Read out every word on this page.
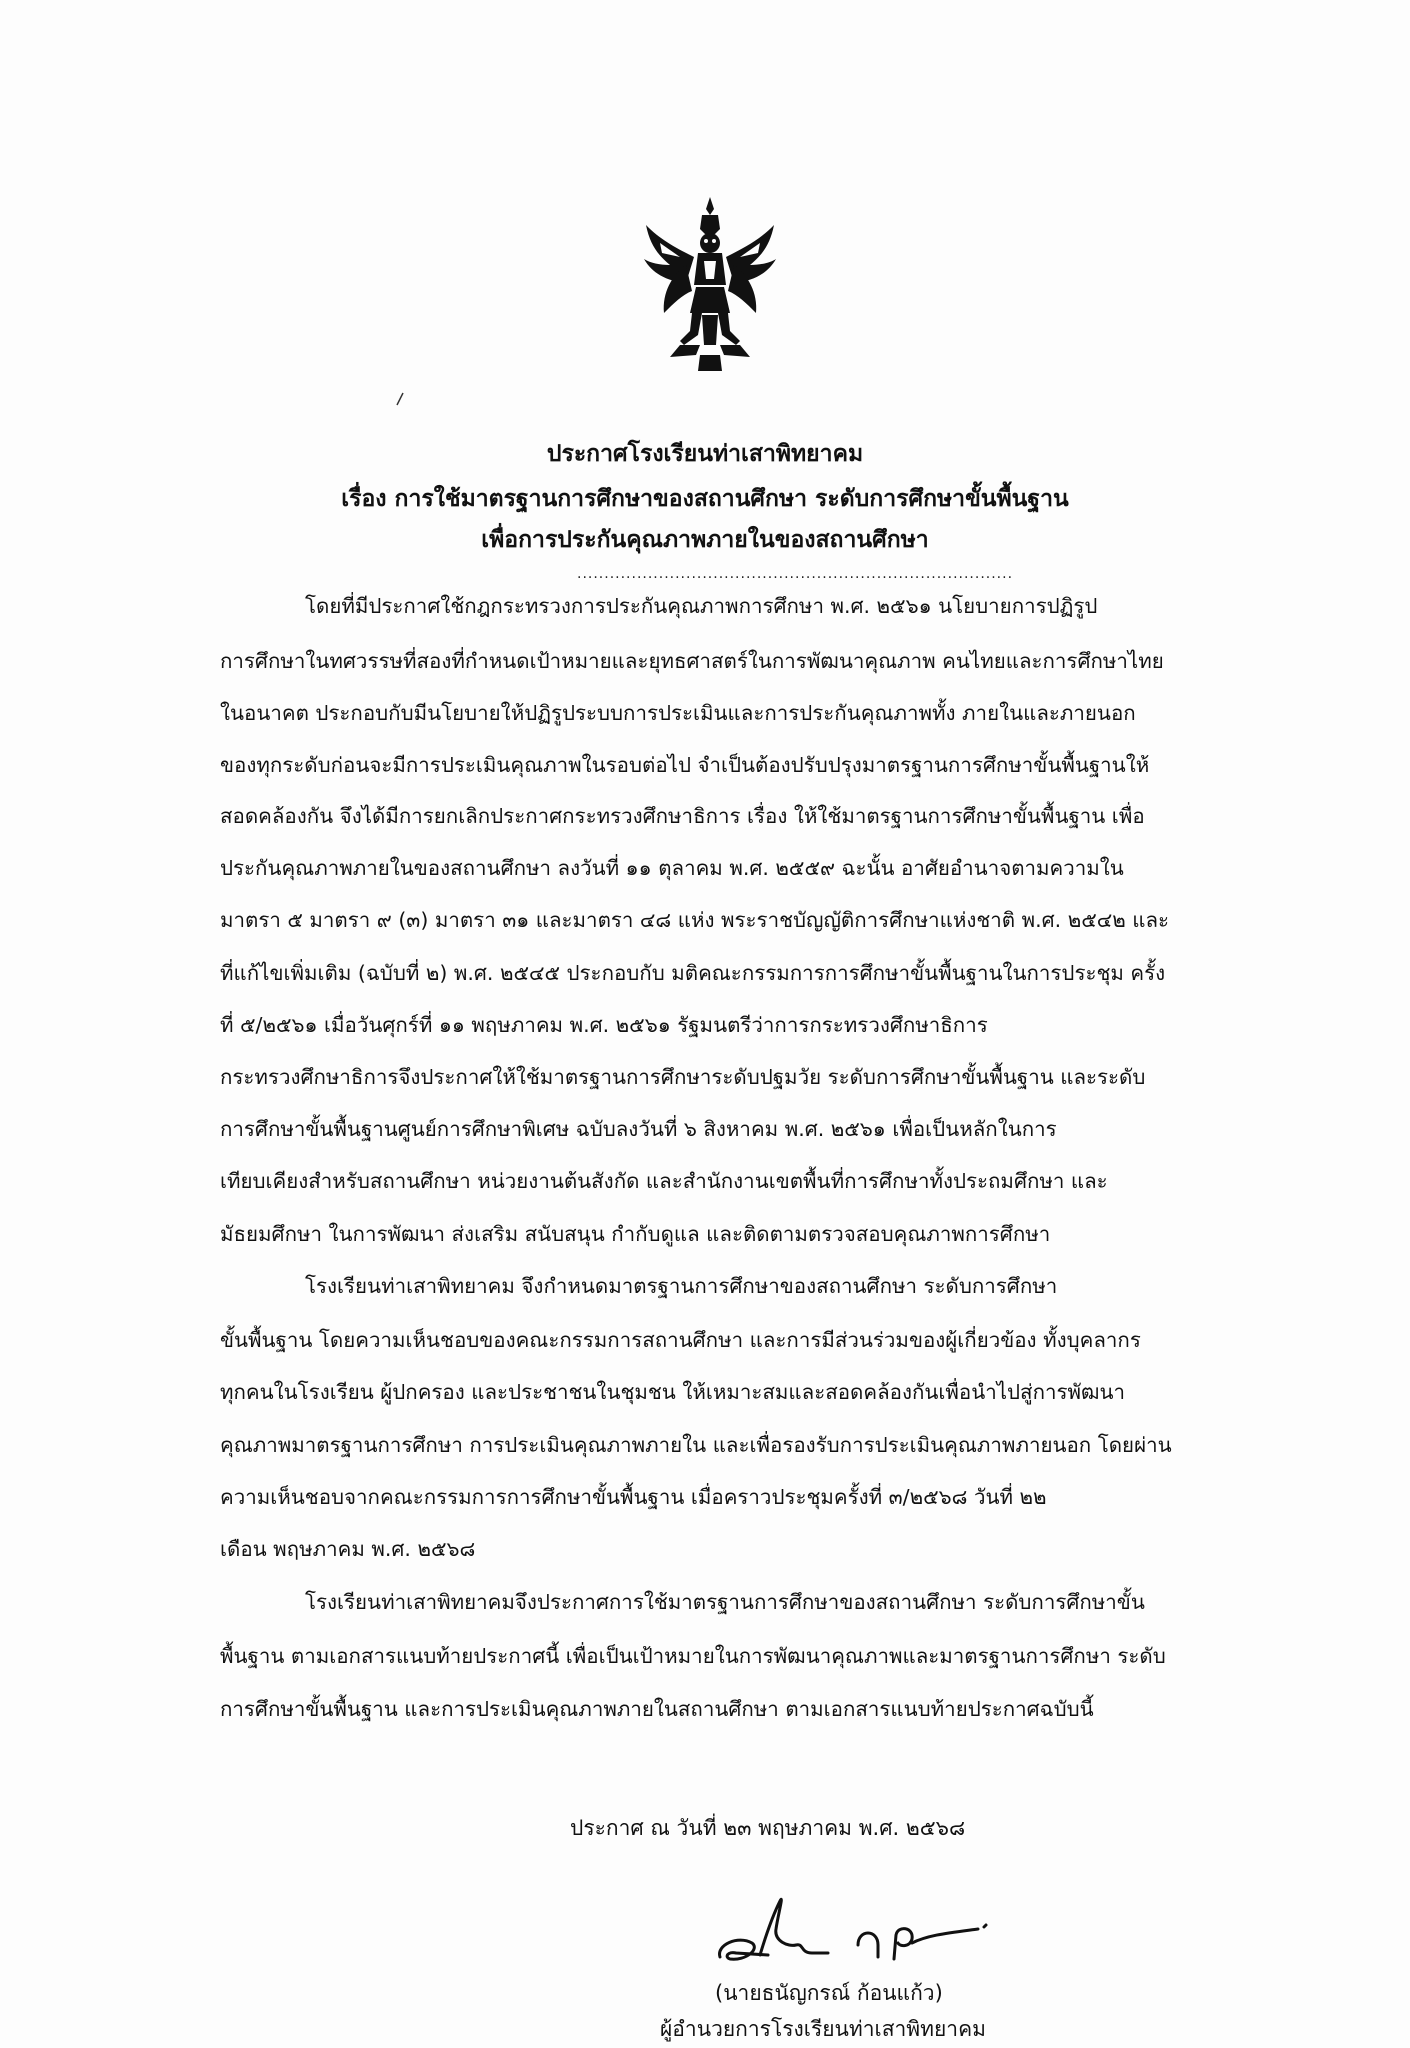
ประกาศโรงเรียนท่าเสาพิทยาคม
เรื่อง การใช้มาตรฐานการศึกษาของสถานศึกษา ระดับการศึกษาขั้นพื้นฐาน
เพื่อการประกันคุณภาพภายในของสถานศึกษา
................................................................................
โดยที่มีประกาศใช้กฎกระทรวงการประกันคุณภาพการศึกษา พ.ศ. ๒๕๖๑ นโยบายการปฏิรูป
การศึกษาในทศวรรษที่สองที่กำหนดเป้าหมายและยุทธศาสตร์ในการพัฒนาคุณภาพ คนไทยและการศึกษาไทย
ในอนาคต ประกอบกับมีนโยบายให้ปฏิรูประบบการประเมินและการประกันคุณภาพทั้ง ภายในและภายนอก
ของทุกระดับก่อนจะมีการประเมินคุณภาพในรอบต่อไป จำเป็นต้องปรับปรุงมาตรฐานการศึกษาขั้นพื้นฐานให้
สอดคล้องกัน จึงได้มีการยกเลิกประกาศกระทรวงศึกษาธิการ เรื่อง ให้ใช้มาตรฐานการศึกษาขั้นพื้นฐาน เพื่อ
ประกันคุณภาพภายในของสถานศึกษา ลงวันที่ ๑๑ ตุลาคม พ.ศ. ๒๕๕๙ ฉะนั้น อาศัยอำนาจตามความใน
มาตรา ๕ มาตรา ๙ (๓) มาตรา ๓๑ และมาตรา ๔๘ แห่ง พระราชบัญญัติการศึกษาแห่งชาติ พ.ศ. ๒๕๔๒ และ
ที่แก้ไขเพิ่มเติม (ฉบับที่ ๒) พ.ศ. ๒๕๔๕ ประกอบกับ มติคณะกรรมการการศึกษาขั้นพื้นฐานในการประชุม ครั้ง
ที่ ๕/๒๕๖๑ เมื่อวันศุกร์ที่ ๑๑ พฤษภาคม พ.ศ. ๒๕๖๑ รัฐมนตรีว่าการกระทรวงศึกษาธิการ
กระทรวงศึกษาธิการจึงประกาศให้ใช้มาตรฐานการศึกษาระดับปฐมวัย ระดับการศึกษาขั้นพื้นฐาน และระดับ
การศึกษาขั้นพื้นฐานศูนย์การศึกษาพิเศษ ฉบับลงวันที่ ๖ สิงหาคม พ.ศ. ๒๕๖๑ เพื่อเป็นหลักในการ
เทียบเคียงสำหรับสถานศึกษา หน่วยงานต้นสังกัด และสำนักงานเขตพื้นที่การศึกษาทั้งประถมศึกษา และ
มัธยมศึกษา ในการพัฒนา ส่งเสริม สนับสนุน กำกับดูแล และติดตามตรวจสอบคุณภาพการศึกษา
โรงเรียนท่าเสาพิทยาคม จึงกำหนดมาตรฐานการศึกษาของสถานศึกษา ระดับการศึกษา
ขั้นพื้นฐาน โดยความเห็นชอบของคณะกรรมการสถานศึกษา และการมีส่วนร่วมของผู้เกี่ยวข้อง ทั้งบุคลากร
ทุกคนในโรงเรียน ผู้ปกครอง และประชาชนในชุมชน ให้เหมาะสมและสอดคล้องกันเพื่อนำไปสู่การพัฒนา
คุณภาพมาตรฐานการศึกษา การประเมินคุณภาพภายใน และเพื่อรองรับการประเมินคุณภาพภายนอก โดยผ่าน
ความเห็นชอบจากคณะกรรมการการศึกษาขั้นพื้นฐาน เมื่อคราวประชุมครั้งที่ ๓/๒๕๖๘ วันที่ ๒๒
เดือน พฤษภาคม พ.ศ. ๒๕๖๘
โรงเรียนท่าเสาพิทยาคมจึงประกาศการใช้มาตรฐานการศึกษาของสถานศึกษา ระดับการศึกษาขั้น
พื้นฐาน ตามเอกสารแนบท้ายประกาศนี้ เพื่อเป็นเป้าหมายในการพัฒนาคุณภาพและมาตรฐานการศึกษา ระดับ
การศึกษาขั้นพื้นฐาน และการประเมินคุณภาพภายในสถานศึกษา ตามเอกสารแนบท้ายประกาศฉบับนี้
ประกาศ ณ วันที่ ๒๓ พฤษภาคม พ.ศ. ๒๕๖๘
(นายธนัญกรณ์ ก้อนแก้ว)
ผู้อำนวยการโรงเรียนท่าเสาพิทยาคม
